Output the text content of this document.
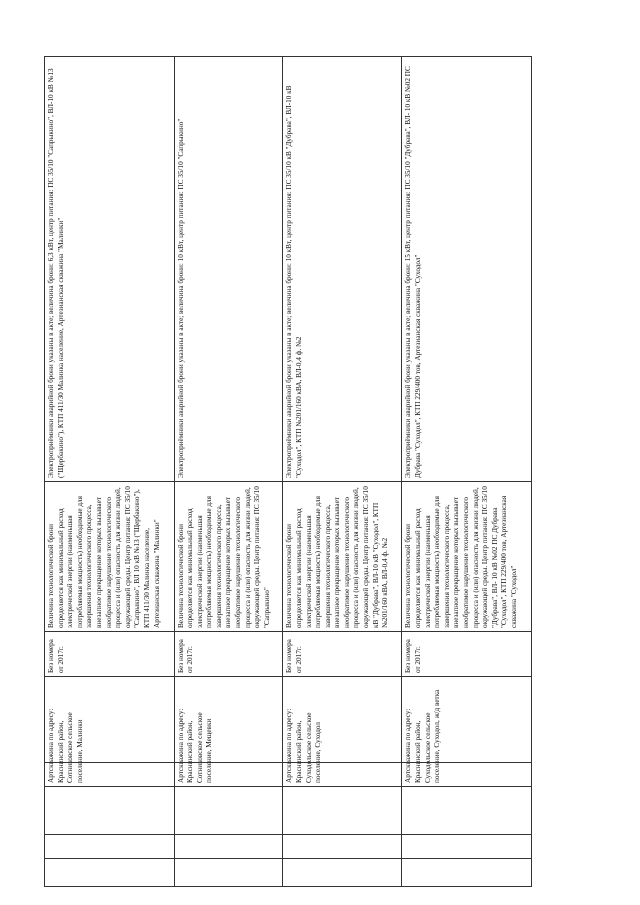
	Артскважина по адресу: Краснинский район, Сотниковское сельское поселение, Малинки	Без номера от 2017г.	Величина технологической брони определяется как минимальный расход электрической энергии (наименьшая потребляемая мощность) необходимые для завершения технологического процесса, внезапное прекращение которых вызывает необратимое нарушение технологического процесса и (или) опасность для жизни людей, окружающей среды. Центр питания: ПС 35/10 "Сапрыкино", ВЛ 10 кВ №13 ("Щербакино"), КТП 411/30 Малинка население, Артезианская скважина "Малинки"	Электроприёмники аварийной брони указаны в акте; величина брони: 6,3 кВт, центр питания: ПС 35/10 "Сапрыкино", ВЛ-10 кВ №13 ("Щербакино"), КТП 411/30 Малинка население, Артезианская скважина "Малинки"
	Артскважина по адресу: Краснинский район, Сотниковское сельское поселение, Мещевки	Без номера от 2017г.	Величина технологической брони определяется как минимальный расход электрической энергии (наименьшая потребляемая мощность) необходимые для завершения технологического процесса, внезапное прекращение которых вызывает необратимое нарушение технологического процесса и (или) опасность для жизни людей, окружающей среды. Центр питания: ПС 35/10 "Сапрыкино"	Электроприёмники аварийной брони указаны в акте; величина брони: 10 кВт, центр питания: ПС 35/10 "Сапрыкино"
	Артскважина по адресу: Краснинский район, Суходольское сельское поселение, Суходол	Без номера от 2017г.	Величина технологической брони определяется как минимальный расход электрической энергии (наименьшая потребляемая мощность) необходимые для завершения технологического процесса, внезапное прекращение которых вызывает необратимое нарушение технологического процесса и (или) опасность для жизни людей, окружающей среды. Центр питания: ПС 35/10 кВ "Дубрава", ВЛ-10 кВ "Суходол", КТП №201/160 кВА, ВЛ-0,4 ф. №2	Электроприёмники аварийной брони указаны в акте; величина брони: 10 кВт, центр питания: ПС 35/10 кВ "Дубрава", ВЛ-10 кВ "Суходол", КТП №201/160 кВА, ВЛ-0,4 ф. №2
	Артскважина по адресу: Краснинский район, Суходольское сельское поселение, Суходол, ж/д ветка	Без номера от 2017г.	Величина технологической брони определяется как минимальный расход электрической энергии (наименьшая потребляемая мощность) необходимые для завершения технологического процесса, внезапное прекращение которых вызывает необратимое нарушение технологического процесса и (или) опасность для жизни людей, окружающей среды. Центр питания: ПС 35/10 "Дубрава", ВЛ- 10 кВ №02 ПС Дубрава "Суходол", КТП 229/400 тов, Артезианская скважина "Суходол"	Электроприёмники аварийной брони указаны в акте; величина брони: 15 кВт, центр питания: ПС 35/10 "Дубрава", ВЛ- 10 кВ №02 ПС Дубрава "Суходол", КТП 229/400 тов, Артезианская скважина "Суходол"
